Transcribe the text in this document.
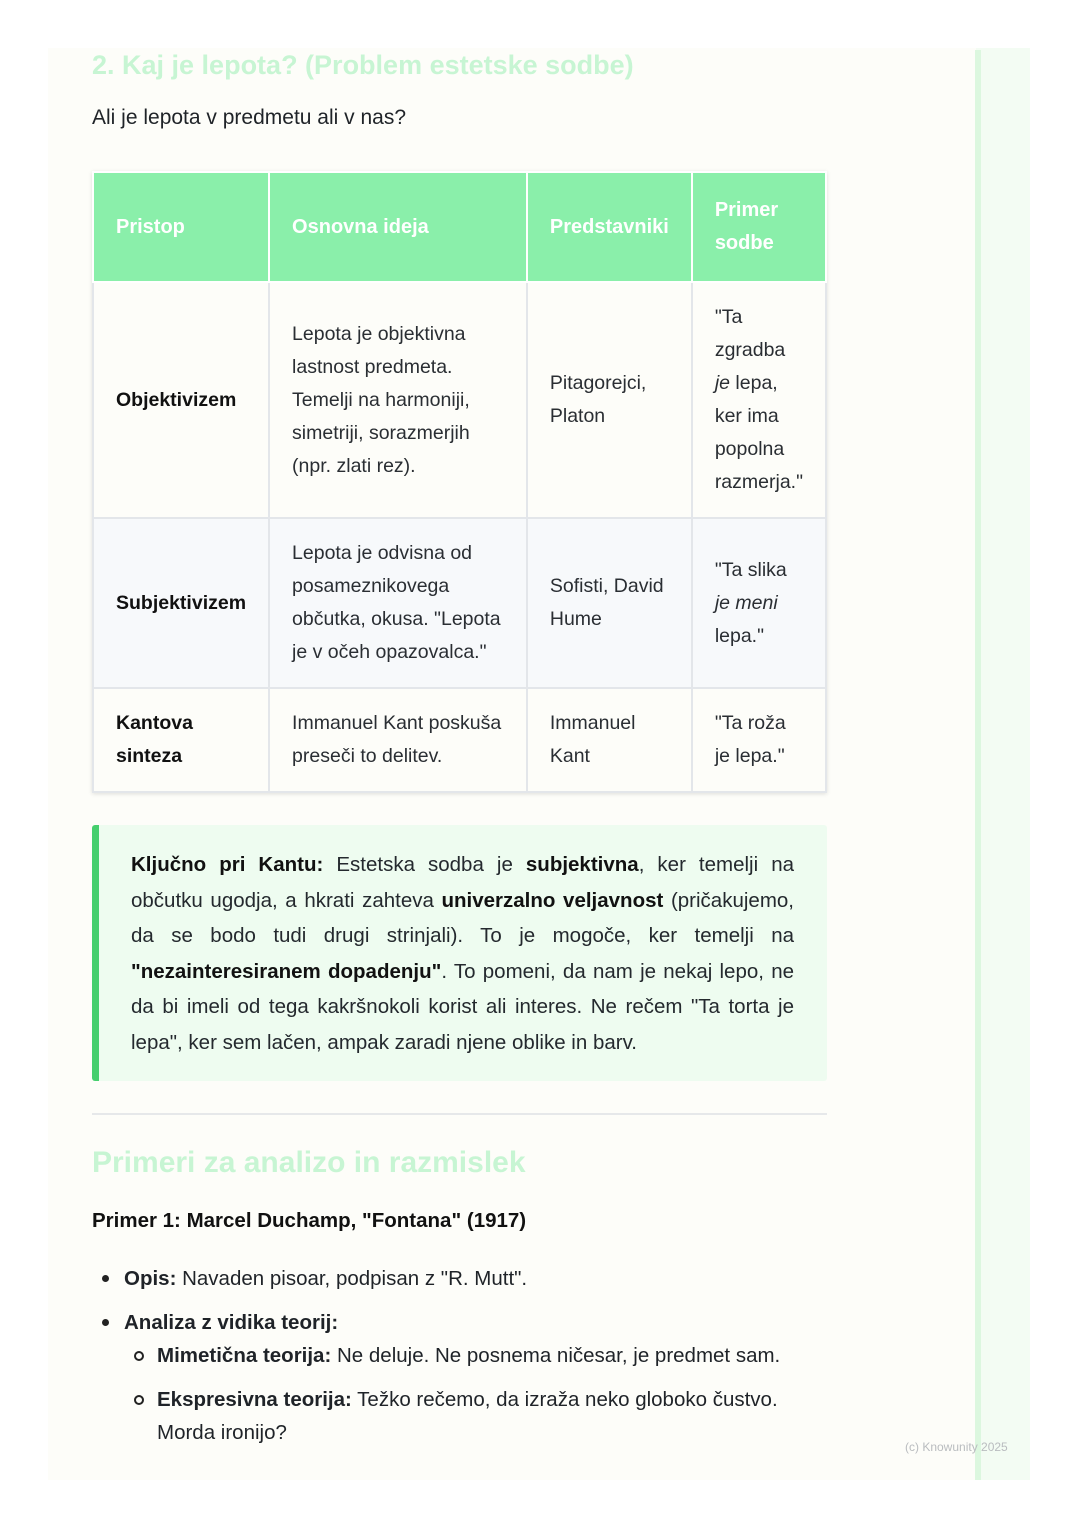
2. Kaj je lepota? (Problem estetske sodbe)
Ali je lepota v predmetu ali v nas?
Pristop	Osnovna ideja	Predstavniki	Primer sodbe
Objektivizem	Lepota je objektivna lastnost predmeta. Temelji na harmoniji, simetriji, sorazmerjih (npr. zlati rez).	Pitagorejci, Platon	"Ta zgradba je lepa, ker ima popolna razmerja."
Subjektivizem	Lepota je odvisna od posameznikovega občutka, okusa. "Lepota je v očeh opazovalca."	Sofisti, David Hume	"Ta slika je meni lepa."
Kantova sinteza	Immanuel Kant poskuša preseči to delitev.	Immanuel Kant	"Ta roža je lepa."
Ključno pri Kantu: Estetska sodba je subjektivna, ker temelji na občutku ugodja, a hkrati zahteva univerzalno veljavnost (pričakujemo, da se bodo tudi drugi strinjali). To je mogoče, ker temelji na "nezainteresiranem dopadenju". To pomeni, da nam je nekaj lepo, ne da bi imeli od tega kakršnokoli korist ali interes. Ne rečem "Ta torta je lepa", ker sem lačen, ampak zaradi njene oblike in barv.
Primeri za analizo in razmislek
Primer 1: Marcel Duchamp, "Fontana" (1917)
Opis: Navaden pisoar, podpisan z "R. Mutt".
Analiza z vidika teorij:
Mimetična teorija: Ne deluje. Ne posnema ničesar, je predmet sam.
Ekspresivna teorija: Težko rečemo, da izraža neko globoko čustvo. Morda ironijo?
(c) Knowunity 2025
